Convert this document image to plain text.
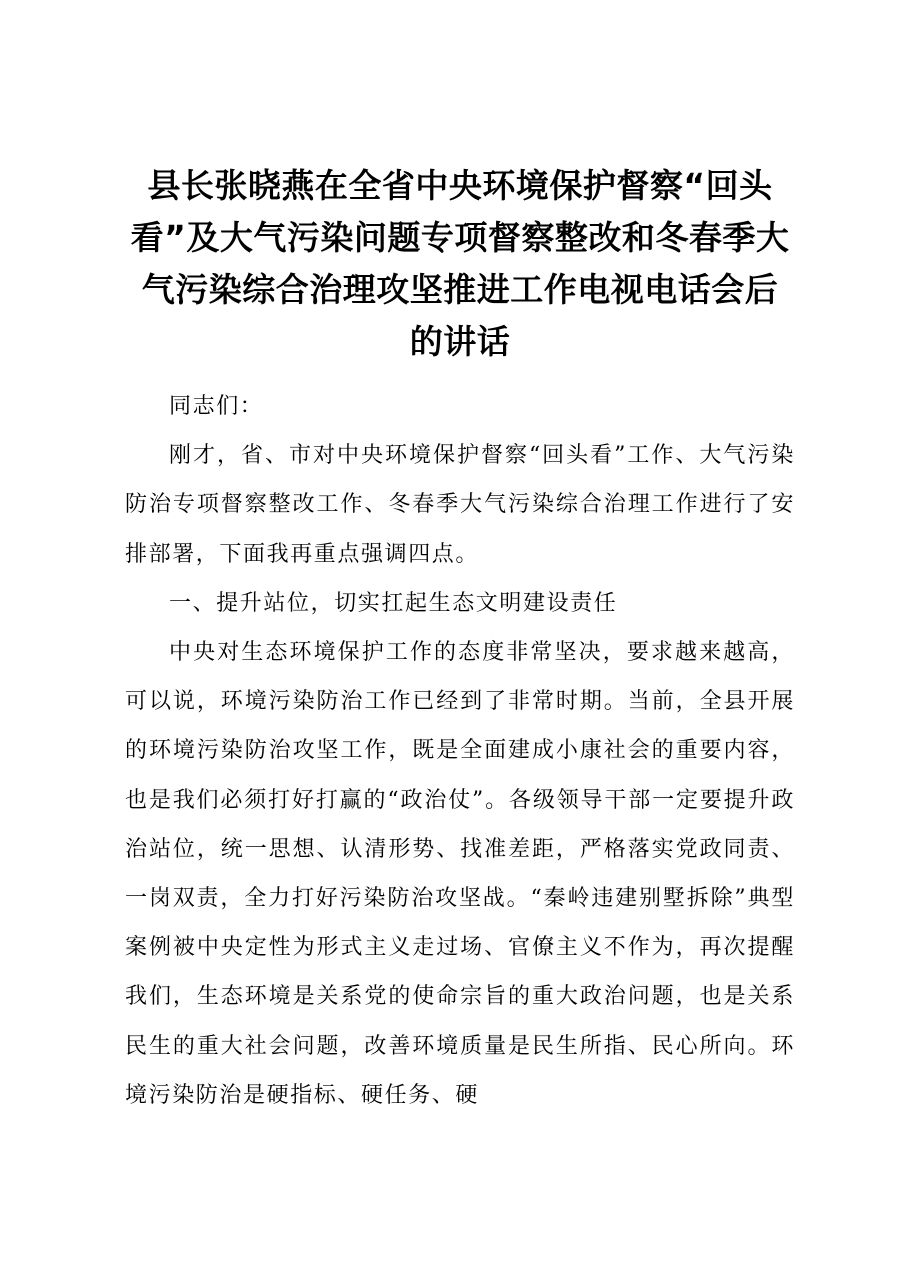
县长张晓燕在全省中央环境保护督察“回头看”及大气污染问题专项督察整改和冬春季大气污染综合治理攻坚推进工作电视电话会后的讲话

同志们：

刚才，省、市对中央环境保护督察“回头看”工作、大气污染防治专项督察整改工作、冬春季大气污染综合治理工作进行了安排部署，下面我再重点强调四点。

一、提升站位，切实扛起生态文明建设责任

中央对生态环境保护工作的态度非常坚决，要求越来越高，可以说，环境污染防治工作已经到了非常时期。当前，全县开展的环境污染防治攻坚工作，既是全面建成小康社会的重要内容，也是我们必须打好打赢的“政治仗”。各级领导干部一定要提升政治站位，统一思想、认清形势、找准差距，严格落实党政同责、一岗双责，全力打好污染防治攻坚战。“秦岭违建别墅拆除”典型案例被中央定性为形式主义走过场、官僚主义不作为，再次提醒我们，生态环境是关系党的使命宗旨的重大政治问题，也是关系民生的重大社会问题，改善环境质量是民生所指、民心所向。环境污染防治是硬指标、硬任务、硬
